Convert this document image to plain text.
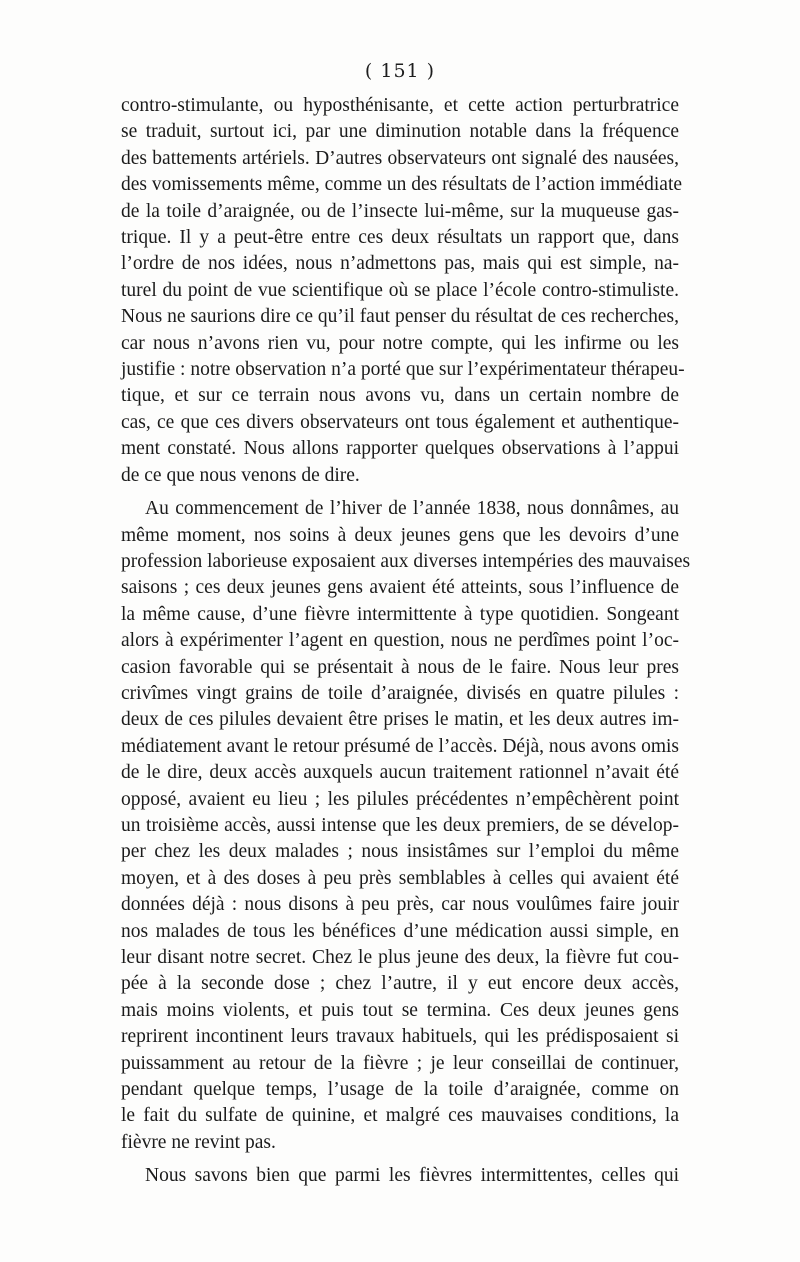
( 151 )

contro-stimulante, ou hyposthénisante, et cette action perturbratrice
se traduit, surtout ici, par une diminution notable dans la fréquence
des battements artériels. D’autres observateurs ont signalé des nausées,
des vomissements même, comme un des résultats de l’action immédiate
de la toile d’araignée, ou de l’insecte lui-même, sur la muqueuse gas-
trique. Il y a peut-être entre ces deux résultats un rapport que, dans
l’ordre de nos idées, nous n’admettons pas, mais qui est simple, na-
turel du point de vue scientifique où se place l’école contro-stimuliste.
Nous ne saurions dire ce qu’il faut penser du résultat de ces recherches,
car nous n’avons rien vu, pour notre compte, qui les infirme ou les
justifie : notre observation n’a porté que sur l’expérimentateur thérapeu-
tique, et sur ce terrain nous avons vu, dans un certain nombre de
cas, ce que ces divers observateurs ont tous également et authentique-
ment constaté. Nous allons rapporter quelques observations à l’appui
de ce que nous venons de dire.

Au commencement de l’hiver de l’année 1838, nous donnâmes, au
même moment, nos soins à deux jeunes gens que les devoirs d’une
profession laborieuse exposaient aux diverses intempéries des mauvaises
saisons ; ces deux jeunes gens avaient été atteints, sous l’influence de
la même cause, d’une fièvre intermittente à type quotidien. Songeant
alors à expérimenter l’agent en question, nous ne perdîmes point l’oc-
casion favorable qui se présentait à nous de le faire. Nous leur pres
crivîmes vingt grains de toile d’araignée, divisés en quatre pilules :
deux de ces pilules devaient être prises le matin, et les deux autres im-
médiatement avant le retour présumé de l’accès. Déjà, nous avons omis
de le dire, deux accès auxquels aucun traitement rationnel n’avait été
opposé, avaient eu lieu ; les pilules précédentes n’empêchèrent point
un troisième accès, aussi intense que les deux premiers, de se dévelop-
per chez les deux malades ; nous insistâmes sur l’emploi du même
moyen, et à des doses à peu près semblables à celles qui avaient été
données déjà : nous disons à peu près, car nous voulûmes faire jouir
nos malades de tous les bénéfices d’une médication aussi simple, en
leur disant notre secret. Chez le plus jeune des deux, la fièvre fut cou-
pée à la seconde dose ; chez l’autre, il y eut encore deux accès,
mais moins violents, et puis tout se termina. Ces deux jeunes gens
reprirent incontinent leurs travaux habituels, qui les prédisposaient si
puissamment au retour de la fièvre ; je leur conseillai de continuer,
pendant quelque temps, l’usage de la toile d’araignée, comme on
le fait du sulfate de quinine, et malgré ces mauvaises conditions, la
fièvre ne revint pas.

Nous savons bien que parmi les fièvres intermittentes, celles qui
